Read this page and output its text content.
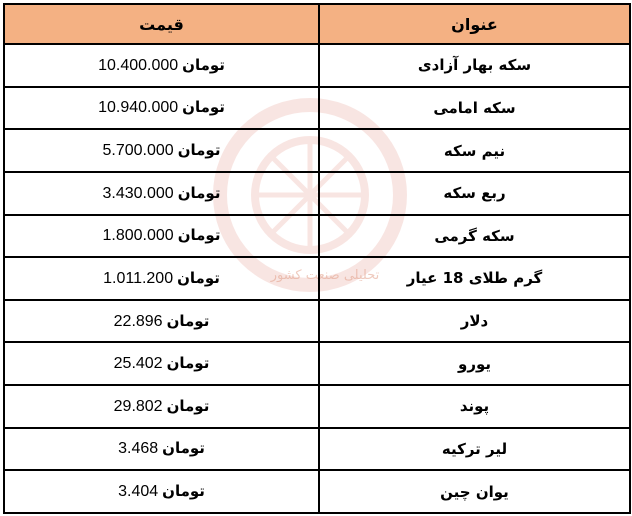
تحلیلی صنعت کشور
عنوان	قیمت
سکه بهار آزادی	تومان10.400.000
سکه امامی	تومان10.940.000
نیم سکه	تومان5.700.000
ربع سکه	تومان3.430.000
سکه گرمی	تومان1.800.000
گرم طلای 18 عیار	تومان1.011.200
دلار	تومان22.896
یورو	تومان25.402
پوند	تومان29.802
لیر ترکیه	تومان3.468
یوان چین	تومان3.404
